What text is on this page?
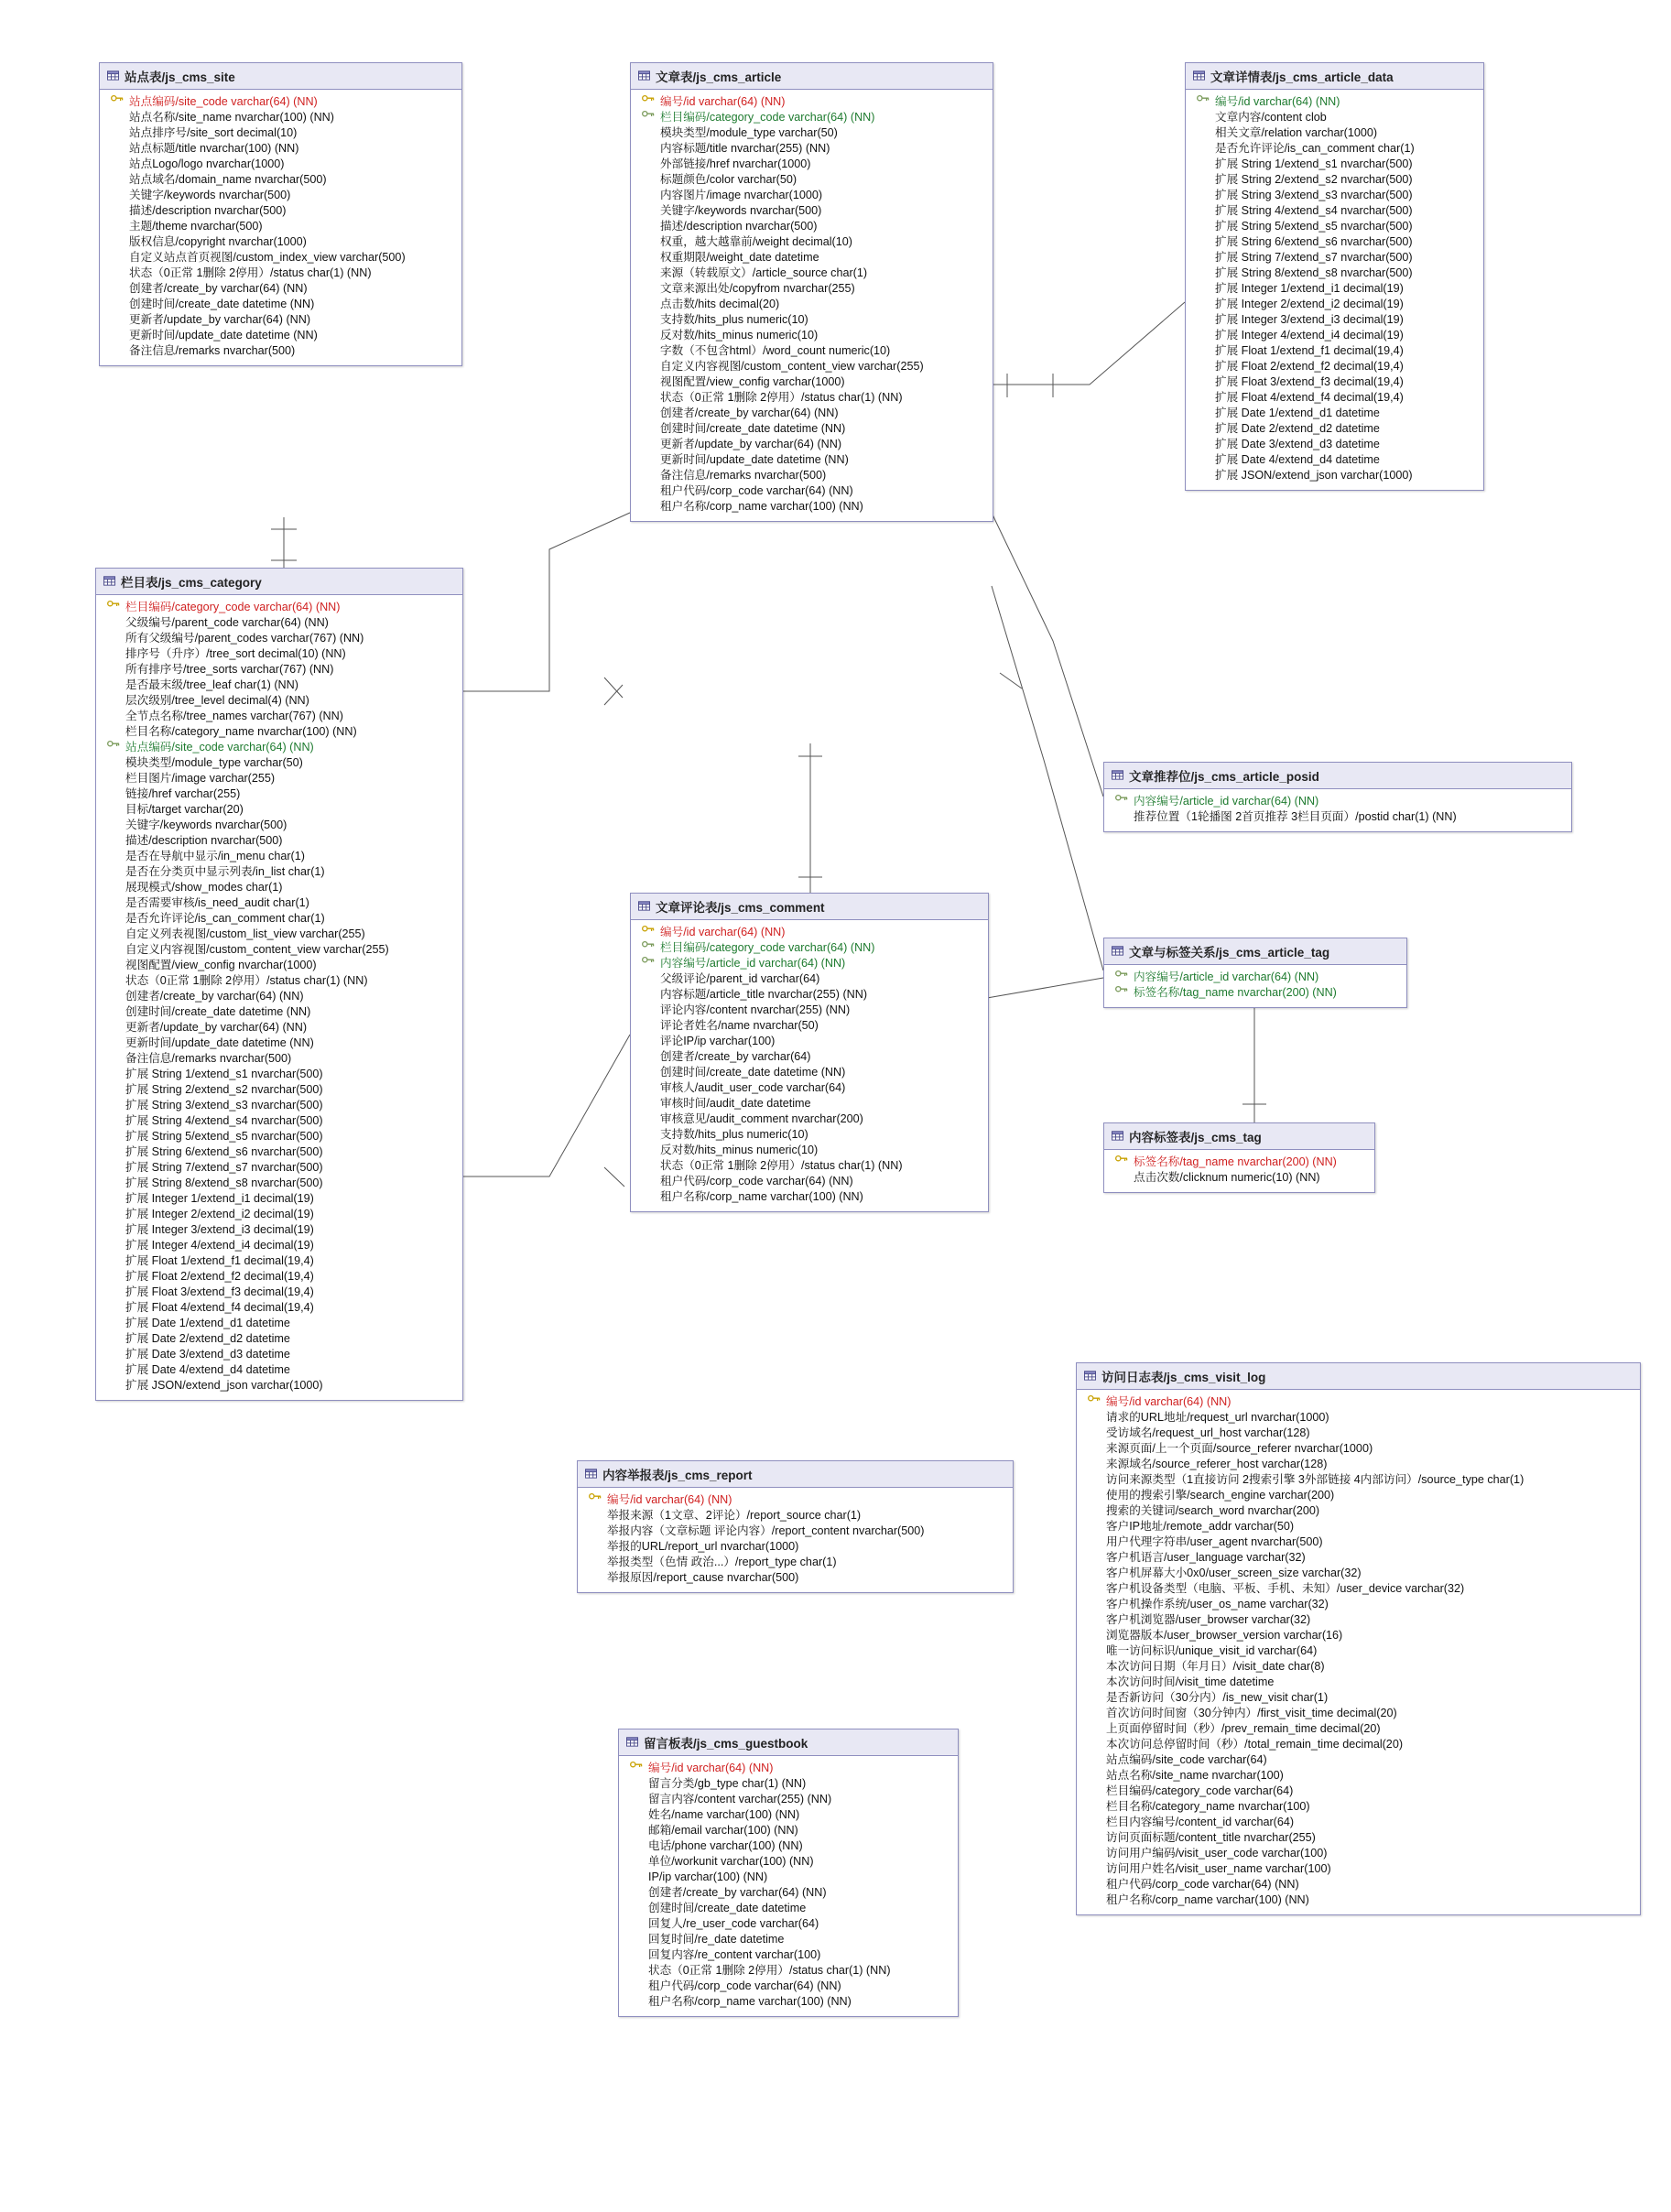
站点表/js_cms_site
站点编码/site_code varchar(64) (NN)
站点名称/site_name nvarchar(100) (NN)
站点排序号/site_sort decimal(10)
站点标题/title nvarchar(100) (NN)
站点Logo/logo nvarchar(1000)
站点域名/domain_name nvarchar(500)
关键字/keywords nvarchar(500)
描述/description nvarchar(500)
主题/theme nvarchar(500)
版权信息/copyright nvarchar(1000)
自定义站点首页视图/custom_index_view varchar(500)
状态（0正常 1删除 2停用）/status char(1) (NN)
创建者/create_by varchar(64) (NN)
创建时间/create_date datetime (NN)
更新者/update_by varchar(64) (NN)
更新时间/update_date datetime (NN)
备注信息/remarks nvarchar(500)
栏目表/js_cms_category
栏目编码/category_code varchar(64) (NN)
父级编号/parent_code varchar(64) (NN)
所有父级编号/parent_codes varchar(767) (NN)
排序号（升序）/tree_sort decimal(10) (NN)
所有排序号/tree_sorts varchar(767) (NN)
是否最末级/tree_leaf char(1) (NN)
层次级别/tree_level decimal(4) (NN)
全节点名称/tree_names varchar(767) (NN)
栏目名称/category_name nvarchar(100) (NN)
站点编码/site_code varchar(64) (NN)
模块类型/module_type varchar(50)
栏目图片/image varchar(255)
链接/href varchar(255)
目标/target varchar(20)
关键字/keywords nvarchar(500)
描述/description nvarchar(500)
是否在导航中显示/in_menu char(1)
是否在分类页中显示列表/in_list char(1)
展现模式/show_modes char(1)
是否需要审核/is_need_audit char(1)
是否允许评论/is_can_comment char(1)
自定义列表视图/custom_list_view varchar(255)
自定义内容视图/custom_content_view varchar(255)
视图配置/view_config nvarchar(1000)
状态（0正常 1删除 2停用）/status char(1) (NN)
创建者/create_by varchar(64) (NN)
创建时间/create_date datetime (NN)
更新者/update_by varchar(64) (NN)
更新时间/update_date datetime (NN)
备注信息/remarks nvarchar(500)
扩展 String 1/extend_s1 nvarchar(500)
扩展 String 2/extend_s2 nvarchar(500)
扩展 String 3/extend_s3 nvarchar(500)
扩展 String 4/extend_s4 nvarchar(500)
扩展 String 5/extend_s5 nvarchar(500)
扩展 String 6/extend_s6 nvarchar(500)
扩展 String 7/extend_s7 nvarchar(500)
扩展 String 8/extend_s8 nvarchar(500)
扩展 Integer 1/extend_i1 decimal(19)
扩展 Integer 2/extend_i2 decimal(19)
扩展 Integer 3/extend_i3 decimal(19)
扩展 Integer 4/extend_i4 decimal(19)
扩展 Float 1/extend_f1 decimal(19,4)
扩展 Float 2/extend_f2 decimal(19,4)
扩展 Float 3/extend_f3 decimal(19,4)
扩展 Float 4/extend_f4 decimal(19,4)
扩展 Date 1/extend_d1 datetime
扩展 Date 2/extend_d2 datetime
扩展 Date 3/extend_d3 datetime
扩展 Date 4/extend_d4 datetime
扩展 JSON/extend_json varchar(1000)
文章表/js_cms_article
编号/id varchar(64) (NN)
栏目编码/category_code varchar(64) (NN)
模块类型/module_type varchar(50)
内容标题/title nvarchar(255) (NN)
外部链接/href nvarchar(1000)
标题颜色/color varchar(50)
内容图片/image nvarchar(1000)
关键字/keywords nvarchar(500)
描述/description nvarchar(500)
权重，越大越靠前/weight decimal(10)
权重期限/weight_date datetime
来源（转载原文）/article_source char(1)
文章来源出处/copyfrom nvarchar(255)
点击数/hits decimal(20)
支持数/hits_plus numeric(10)
反对数/hits_minus numeric(10)
字数（不包含html）/word_count numeric(10)
自定义内容视图/custom_content_view varchar(255)
视图配置/view_config varchar(1000)
状态（0正常 1删除 2停用）/status char(1) (NN)
创建者/create_by varchar(64) (NN)
创建时间/create_date datetime (NN)
更新者/update_by varchar(64) (NN)
更新时间/update_date datetime (NN)
备注信息/remarks nvarchar(500)
租户代码/corp_code varchar(64) (NN)
租户名称/corp_name varchar(100) (NN)
文章详情表/js_cms_article_data
编号/id varchar(64) (NN)
文章内容/content clob
相关文章/relation varchar(1000)
是否允许评论/is_can_comment char(1)
扩展 String 1/extend_s1 nvarchar(500)
扩展 String 2/extend_s2 nvarchar(500)
扩展 String 3/extend_s3 nvarchar(500)
扩展 String 4/extend_s4 nvarchar(500)
扩展 String 5/extend_s5 nvarchar(500)
扩展 String 6/extend_s6 nvarchar(500)
扩展 String 7/extend_s7 nvarchar(500)
扩展 String 8/extend_s8 nvarchar(500)
扩展 Integer 1/extend_i1 decimal(19)
扩展 Integer 2/extend_i2 decimal(19)
扩展 Integer 3/extend_i3 decimal(19)
扩展 Integer 4/extend_i4 decimal(19)
扩展 Float 1/extend_f1 decimal(19,4)
扩展 Float 2/extend_f2 decimal(19,4)
扩展 Float 3/extend_f3 decimal(19,4)
扩展 Float 4/extend_f4 decimal(19,4)
扩展 Date 1/extend_d1 datetime
扩展 Date 2/extend_d2 datetime
扩展 Date 3/extend_d3 datetime
扩展 Date 4/extend_d4 datetime
扩展 JSON/extend_json varchar(1000)
文章推荐位/js_cms_article_posid
内容编号/article_id varchar(64) (NN)
推荐位置（1轮播图 2首页推荐 3栏目页面）/postid char(1) (NN)
文章与标签关系/js_cms_article_tag
内容编号/article_id varchar(64) (NN)
标签名称/tag_name nvarchar(200) (NN)
内容标签表/js_cms_tag
标签名称/tag_name nvarchar(200) (NN)
点击次数/clicknum numeric(10) (NN)
文章评论表/js_cms_comment
编号/id varchar(64) (NN)
栏目编码/category_code varchar(64) (NN)
内容编号/article_id varchar(64) (NN)
父级评论/parent_id varchar(64)
内容标题/article_title nvarchar(255) (NN)
评论内容/content nvarchar(255) (NN)
评论者姓名/name nvarchar(50)
评论IP/ip varchar(100)
创建者/create_by varchar(64)
创建时间/create_date datetime (NN)
审核人/audit_user_code varchar(64)
审核时间/audit_date datetime
审核意见/audit_comment nvarchar(200)
支持数/hits_plus numeric(10)
反对数/hits_minus numeric(10)
状态（0正常 1删除 2停用）/status char(1) (NN)
租户代码/corp_code varchar(64) (NN)
租户名称/corp_name varchar(100) (NN)
内容举报表/js_cms_report
编号/id varchar(64) (NN)
举报来源（1文章、2评论）/report_source char(1)
举报内容（文章标题 评论内容）/report_content nvarchar(500)
举报的URL/report_url nvarchar(1000)
举报类型（色情 政治...）/report_type char(1)
举报原因/report_cause nvarchar(500)
留言板表/js_cms_guestbook
编号/id varchar(64) (NN)
留言分类/gb_type char(1) (NN)
留言内容/content varchar(255) (NN)
姓名/name varchar(100) (NN)
邮箱/email varchar(100) (NN)
电话/phone varchar(100) (NN)
单位/workunit varchar(100) (NN)
IP/ip varchar(100) (NN)
创建者/create_by varchar(64) (NN)
创建时间/create_date datetime
回复人/re_user_code varchar(64)
回复时间/re_date datetime
回复内容/re_content varchar(100)
状态（0正常 1删除 2停用）/status char(1) (NN)
租户代码/corp_code varchar(64) (NN)
租户名称/corp_name varchar(100) (NN)
访问日志表/js_cms_visit_log
编号/id varchar(64) (NN)
请求的URL地址/request_url nvarchar(1000)
受访域名/request_url_host varchar(128)
来源页面/上一个页面/source_referer nvarchar(1000)
来源域名/source_referer_host varchar(128)
访问来源类型（1直接访问 2搜索引擎 3外部链接 4内部访问）/source_type char(1)
使用的搜索引擎/search_engine varchar(200)
搜索的关键词/search_word nvarchar(200)
客户IP地址/remote_addr varchar(50)
用户代理字符串/user_agent nvarchar(500)
客户机语言/user_language varchar(32)
客户机屏幕大小0x0/user_screen_size varchar(32)
客户机设备类型（电脑、平板、手机、未知）/user_device varchar(32)
客户机操作系统/user_os_name varchar(32)
客户机浏览器/user_browser varchar(32)
浏览器版本/user_browser_version varchar(16)
唯一访问标识/unique_visit_id varchar(64)
本次访问日期（年月日）/visit_date char(8)
本次访问时间/visit_time datetime
是否新访问（30分内）/is_new_visit char(1)
首次访问时间窗（30分钟内）/first_visit_time decimal(20)
上页面停留时间（秒）/prev_remain_time decimal(20)
本次访问总停留时间（秒）/total_remain_time decimal(20)
站点编码/site_code varchar(64)
站点名称/site_name nvarchar(100)
栏目编码/category_code varchar(64)
栏目名称/category_name nvarchar(100)
栏目内容编号/content_id varchar(64)
访问页面标题/content_title nvarchar(255)
访问用户编码/visit_user_code varchar(100)
访问用户姓名/visit_user_name varchar(100)
租户代码/corp_code varchar(64) (NN)
租户名称/corp_name varchar(100) (NN)
